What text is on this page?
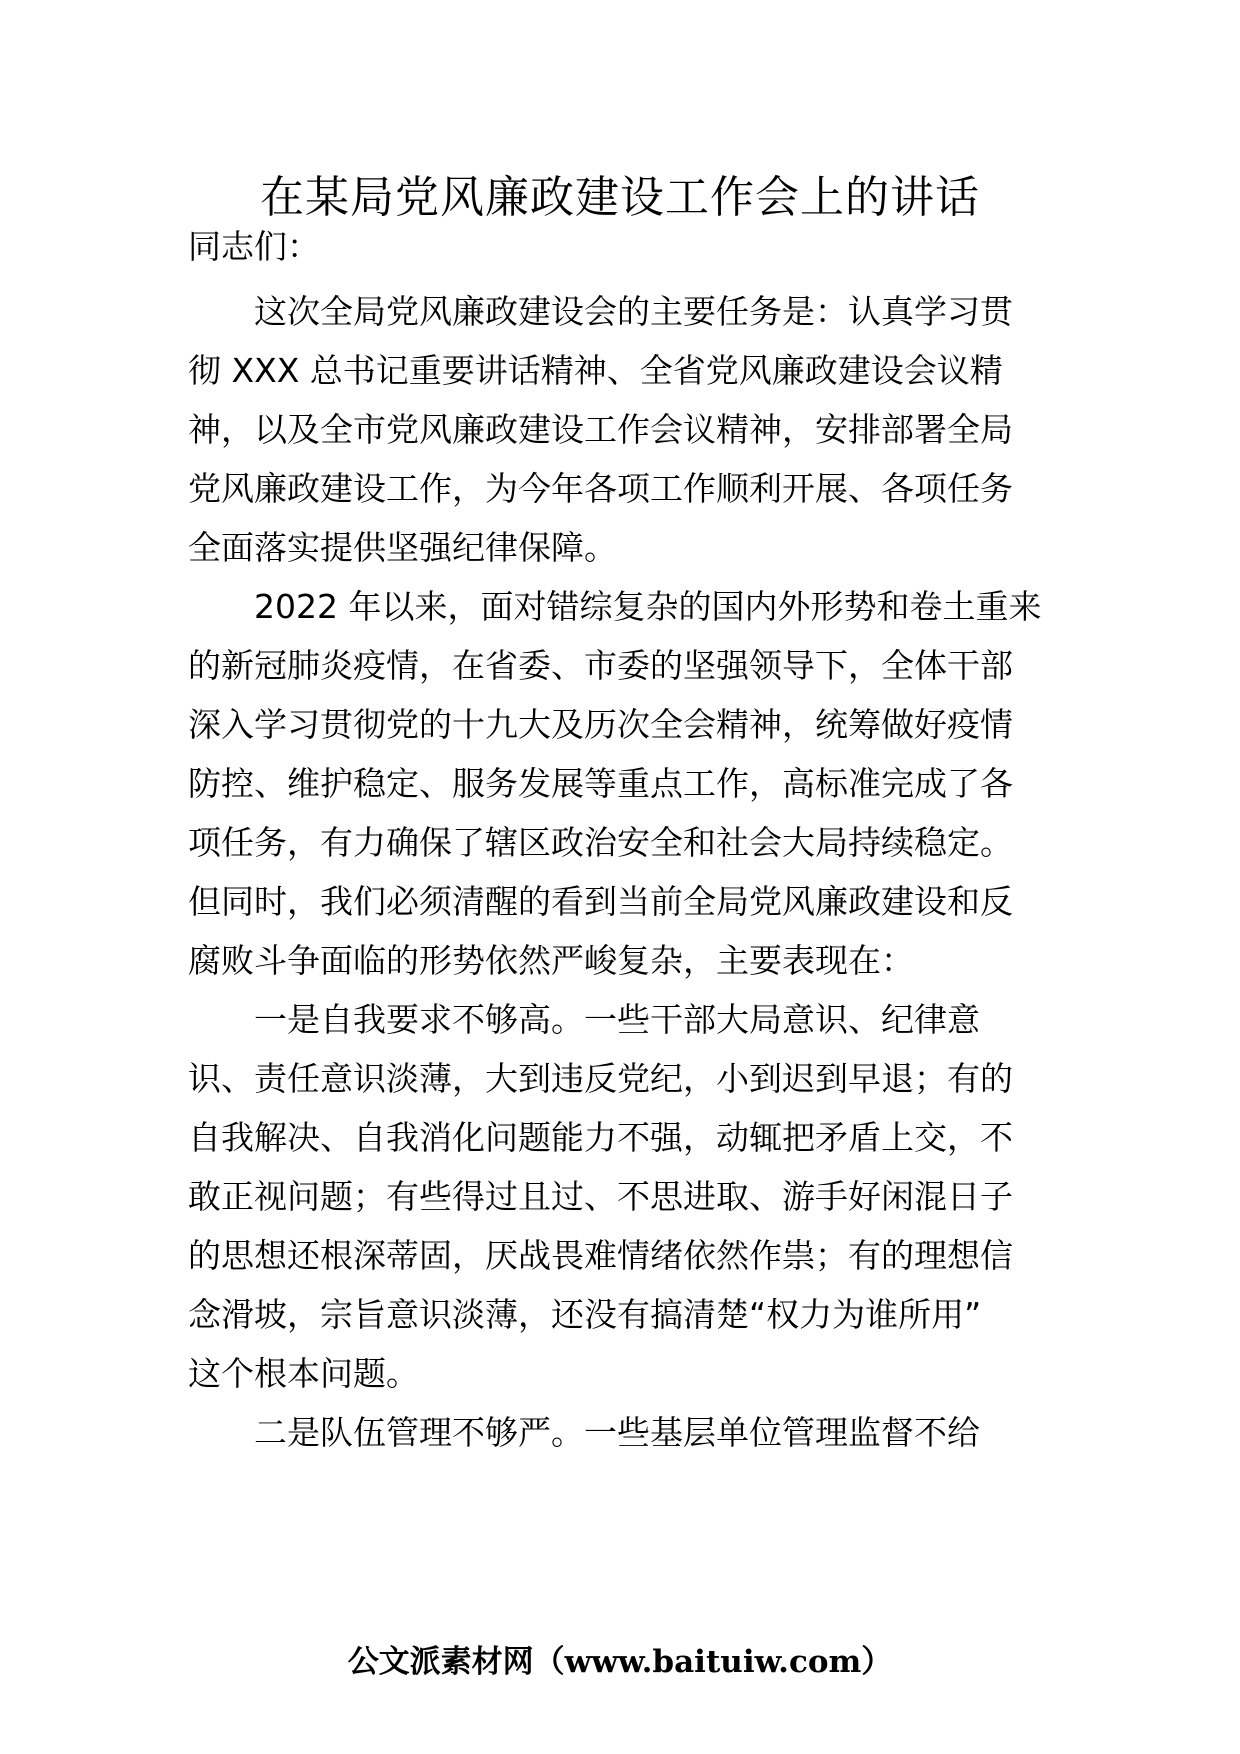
在某局党风廉政建设工作会上的讲话
同志们：
这次全局党风廉政建设会的主要任务是：认真学习贯
彻 XXX 总书记重要讲话精神、全省党风廉政建设会议精
神，以及全市党风廉政建设工作会议精神，安排部署全局
党风廉政建设工作，为今年各项工作顺利开展、各项任务
全面落实提供坚强纪律保障。
2022 年以来，面对错综复杂的国内外形势和卷土重来
的新冠肺炎疫情，在省委、市委的坚强领导下，全体干部
深入学习贯彻党的十九大及历次全会精神，统筹做好疫情
防控、维护稳定、服务发展等重点工作，高标准完成了各
项任务，有力确保了辖区政治安全和社会大局持续稳定。
但同时，我们必须清醒的看到当前全局党风廉政建设和反
腐败斗争面临的形势依然严峻复杂，主要表现在：
一是自我要求不够高。一些干部大局意识、纪律意
识、责任意识淡薄，大到违反党纪，小到迟到早退；有的
自我解决、自我消化问题能力不强，动辄把矛盾上交，不
敢正视问题；有些得过且过、不思进取、游手好闲混日子
的思想还根深蒂固，厌战畏难情绪依然作祟；有的理想信
念滑坡，宗旨意识淡薄，还没有搞清楚“权力为谁所用”
这个根本问题。
二是队伍管理不够严。一些基层单位管理监督不给
公文派素材网（www.baituiw.com）
